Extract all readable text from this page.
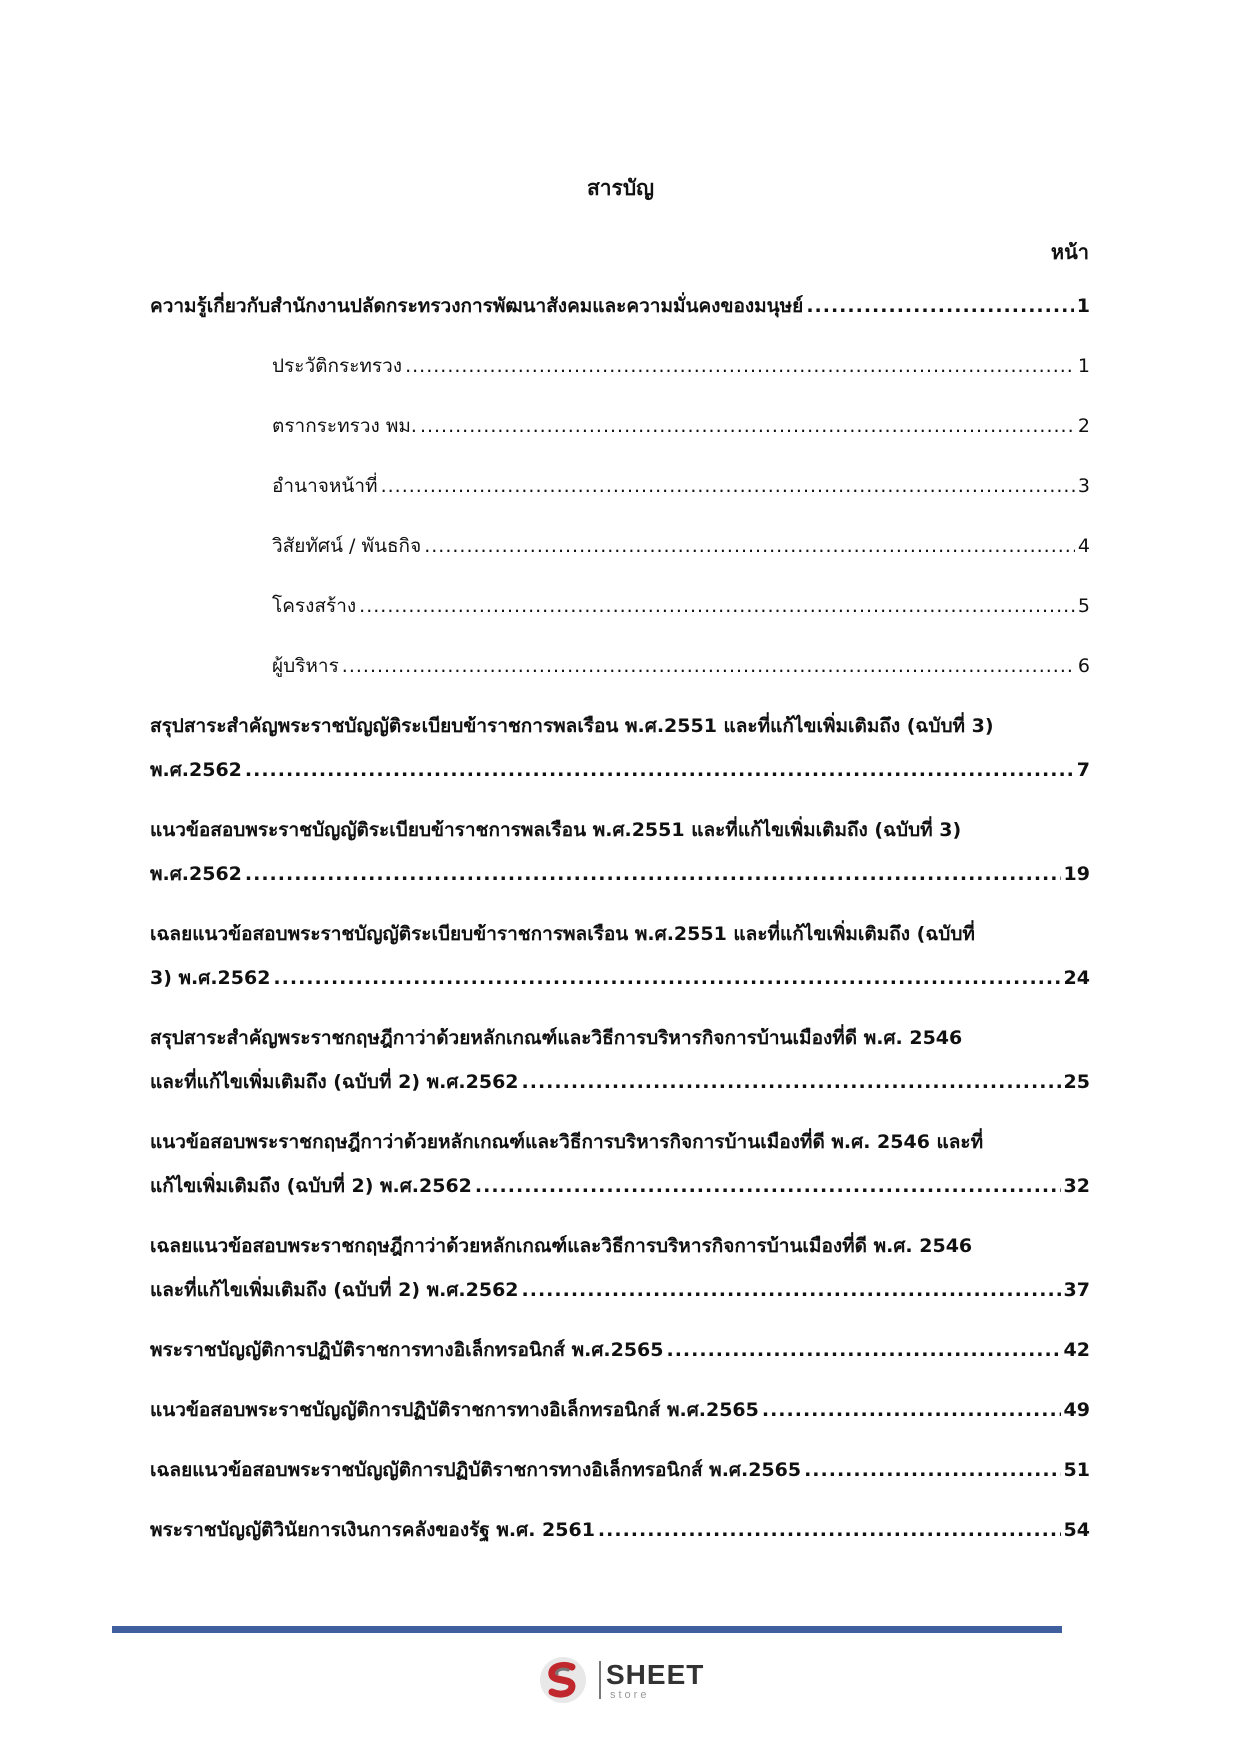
สารบัญ
หน้า
ความรู้เกี่ยวกับสำนักงานปลัดกระทรวงการพัฒนาสังคมและความมั่นคงของมนุษย์ .....	1
ประวัติกระทรวง .....	1
ตรากระทรวง พม. .....	2
อำนาจหน้าที่ .....	3
วิสัยทัศน์ / พันธกิจ .....	4
โครงสร้าง .....	5
ผู้บริหาร .....	6
สรุปสาระสำคัญพระราชบัญญัติระเบียบข้าราชการพลเรือน พ.ศ.2551 และที่แก้ไขเพิ่มเติมถึง (ฉบับที่ 3)
พ.ศ.2562 .....	7
แนวข้อสอบพระราชบัญญัติระเบียบข้าราชการพลเรือน พ.ศ.2551 และที่แก้ไขเพิ่มเติมถึง (ฉบับที่ 3)
พ.ศ.2562 .....	19
เฉลยแนวข้อสอบพระราชบัญญัติระเบียบข้าราชการพลเรือน พ.ศ.2551 และที่แก้ไขเพิ่มเติมถึง (ฉบับที่
3) พ.ศ.2562 .....	24
สรุปสาระสำคัญพระราชกฤษฎีกาว่าด้วยหลักเกณฑ์และวิธีการบริหารกิจการบ้านเมืองที่ดี พ.ศ. 2546
และที่แก้ไขเพิ่มเติมถึง (ฉบับที่ 2) พ.ศ.2562 .....	25
แนวข้อสอบพระราชกฤษฎีกาว่าด้วยหลักเกณฑ์และวิธีการบริหารกิจการบ้านเมืองที่ดี พ.ศ. 2546 และที่
แก้ไขเพิ่มเติมถึง (ฉบับที่ 2) พ.ศ.2562 .....	32
เฉลยแนวข้อสอบพระราชกฤษฎีกาว่าด้วยหลักเกณฑ์และวิธีการบริหารกิจการบ้านเมืองที่ดี พ.ศ. 2546
และที่แก้ไขเพิ่มเติมถึง (ฉบับที่ 2) พ.ศ.2562 .....	37
พระราชบัญญัติการปฏิบัติราชการทางอิเล็กทรอนิกส์ พ.ศ.2565 .....	42
แนวข้อสอบพระราชบัญญัติการปฏิบัติราชการทางอิเล็กทรอนิกส์ พ.ศ.2565 .....	49
เฉลยแนวข้อสอบพระราชบัญญัติการปฏิบัติราชการทางอิเล็กทรอนิกส์ พ.ศ.2565 .....	51
พระราชบัญญัติวินัยการเงินการคลังของรัฐ พ.ศ. 2561 .....	54
SHEET
store
